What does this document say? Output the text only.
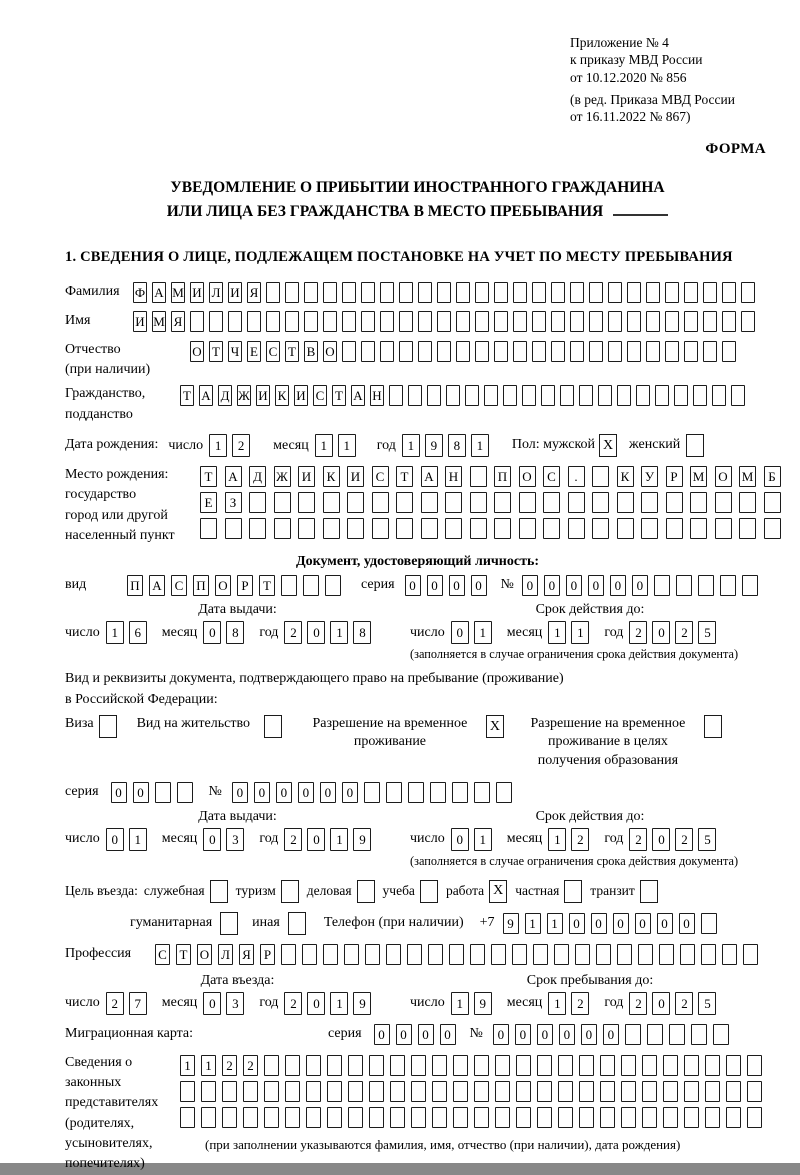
Приложение № 4
к приказу МВД России
от 10.12.2020 № 856
(в ред. Приказа МВД России
от 16.11.2022 № 867)
ФОРМА
УВЕДОМЛЕНИЕ О ПРИБЫТИИ ИНОСТРАННОГО ГРАЖДАНИНА
ИЛИ ЛИЦА БЕЗ ГРАЖДАНСТВА В МЕСТО ПРЕБЫВАНИЯ
1. СВЕДЕНИЯ О ЛИЦЕ, ПОДЛЕЖАЩЕМ ПОСТАНОВКЕ НА УЧЕТ ПО МЕСТУ ПРЕБЫВАНИЯ
Фамилия	Ф А М И Л И Я
Имя	И М Я
Отчество
(при наличии)
О Т Ч Е С Т В О
Гражданство,
подданство
Т А Д Ж И К И С Т А Н
Дата рождения: число 1	2	месяц 1	1	год 1	9	8	1	Пол: мужской X женский
Место рождения:
государство
город или другой
населенный пункт
Т	А	Д	Ж И	К	И	С	Т	А Н	П О	С	.	К	У	Р	М О М	Б
Е	З
Документ, удостоверяющий личность:
вид	П А С П О	Р	Т	серия	0	0	0	0	№ 0	0	0	0	0	0
Дата выдачи:
число 1	6	месяц 0	8	год 2	0	1	8
Срок действия до:
число 0	1	месяц 1	1	год 2	0	2	5
(заполняется в случае ограничения срока действия документа)
Вид и реквизиты документа, подтверждающего право на пребывание (проживание)
в Российской Федерации:
Виза	Вид на жительство	Разрешение на временное проживание
X	Разрешение на временное проживание в целях получения образования
серия	0	0	№	0	0	0	0	0	0
Дата выдачи:
число 0	1	месяц 0	3	год 2	0	1	9
Срок действия до:
число 0	1	месяц 1	2	год 2	0	2	5
(заполняется в случае ограничения срока действия документа)
Цель въезда: служебная туризм деловая учеба работа X частная транзит
гуманитарная	иная	Телефон (при наличии) +7 9	1	1	0	0	0	0	0	0
Профессия	С Т О Л Я Р
Дата въезда:
число 2	7	месяц 0	3	год 2	0	1	9
Срок пребывания до:
число 1	9	месяц 1	2	год 2	0	2	5
Миграционная карта:	серия	0	0	0	0	№	0	0	0	0	0	0
Сведения о
законных
представителях
(родителях,
усыновителях,
попечителях)
1	1	2	2
(при заполнении указываются фамилия, имя, отчество (при наличии), дата рождения)
